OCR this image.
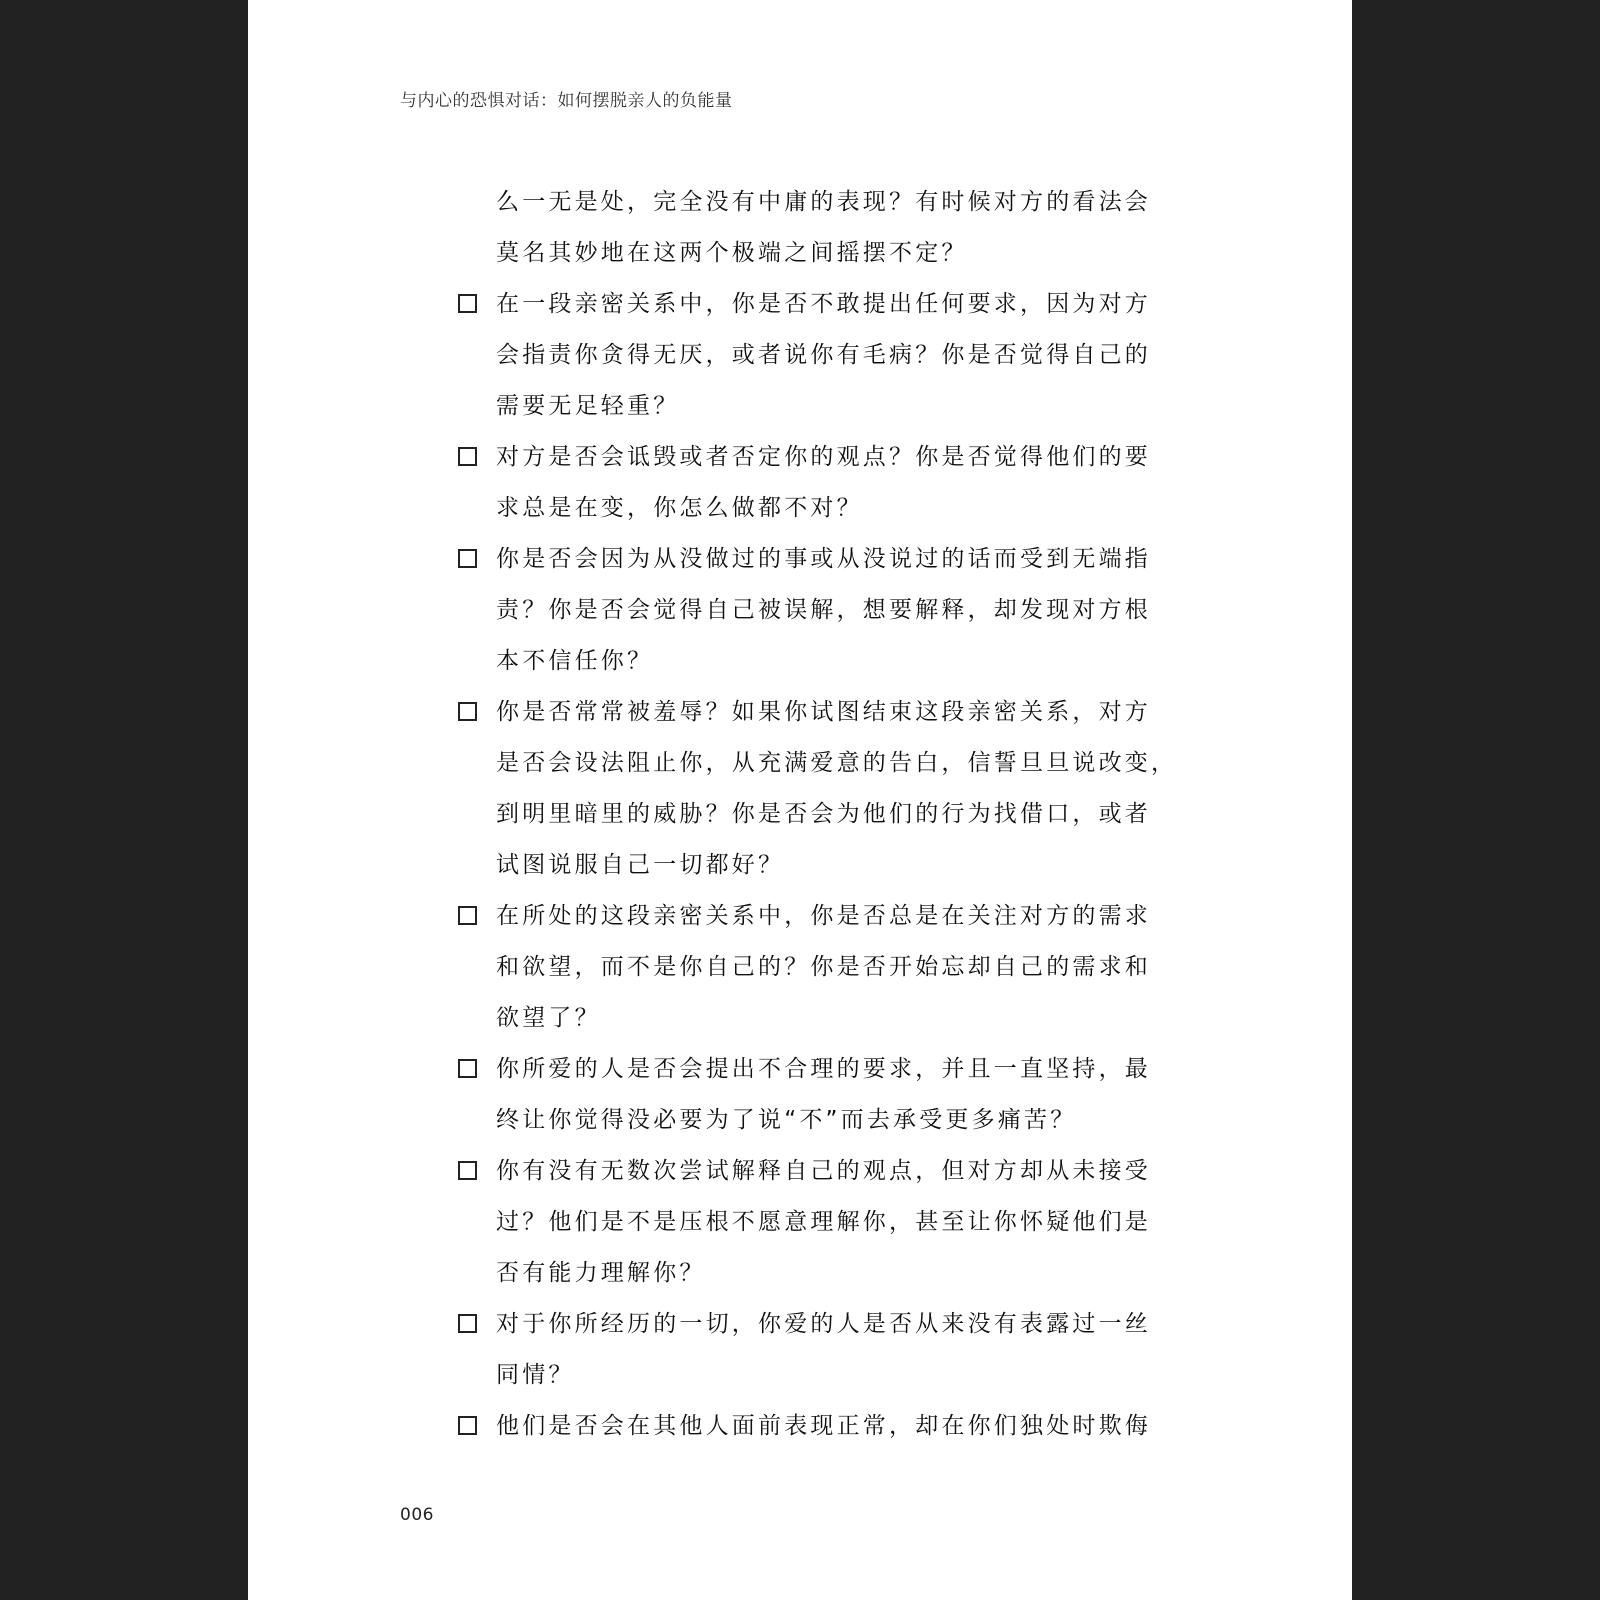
与内心的恐惧对话：如何摆脱亲人的负能量
么一无是处，完全没有中庸的表现？有时候对方的看法会
莫名其妙地在这两个极端之间摇摆不定？
在一段亲密关系中，你是否不敢提出任何要求，因为对方
会指责你贪得无厌，或者说你有毛病？你是否觉得自己的
需要无足轻重？
对方是否会诋毁或者否定你的观点？你是否觉得他们的要
求总是在变，你怎么做都不对？
你是否会因为从没做过的事或从没说过的话而受到无端指
责？你是否会觉得自己被误解，想要解释，却发现对方根
本不信任你？
你是否常常被羞辱？如果你试图结束这段亲密关系，对方
是否会设法阻止你，从充满爱意的告白，信誓旦旦说改变，
到明里暗里的威胁？你是否会为他们的行为找借口，或者
试图说服自己一切都好？
在所处的这段亲密关系中，你是否总是在关注对方的需求
和欲望，而不是你自己的？你是否开始忘却自己的需求和
欲望了？
你所爱的人是否会提出不合理的要求，并且一直坚持，最
终让你觉得没必要为了说“不”而去承受更多痛苦？
你有没有无数次尝试解释自己的观点，但对方却从未接受
过？他们是不是压根不愿意理解你，甚至让你怀疑他们是
否有能力理解你？
对于你所经历的一切，你爱的人是否从来没有表露过一丝
同情？
他们是否会在其他人面前表现正常，却在你们独处时欺侮
006
